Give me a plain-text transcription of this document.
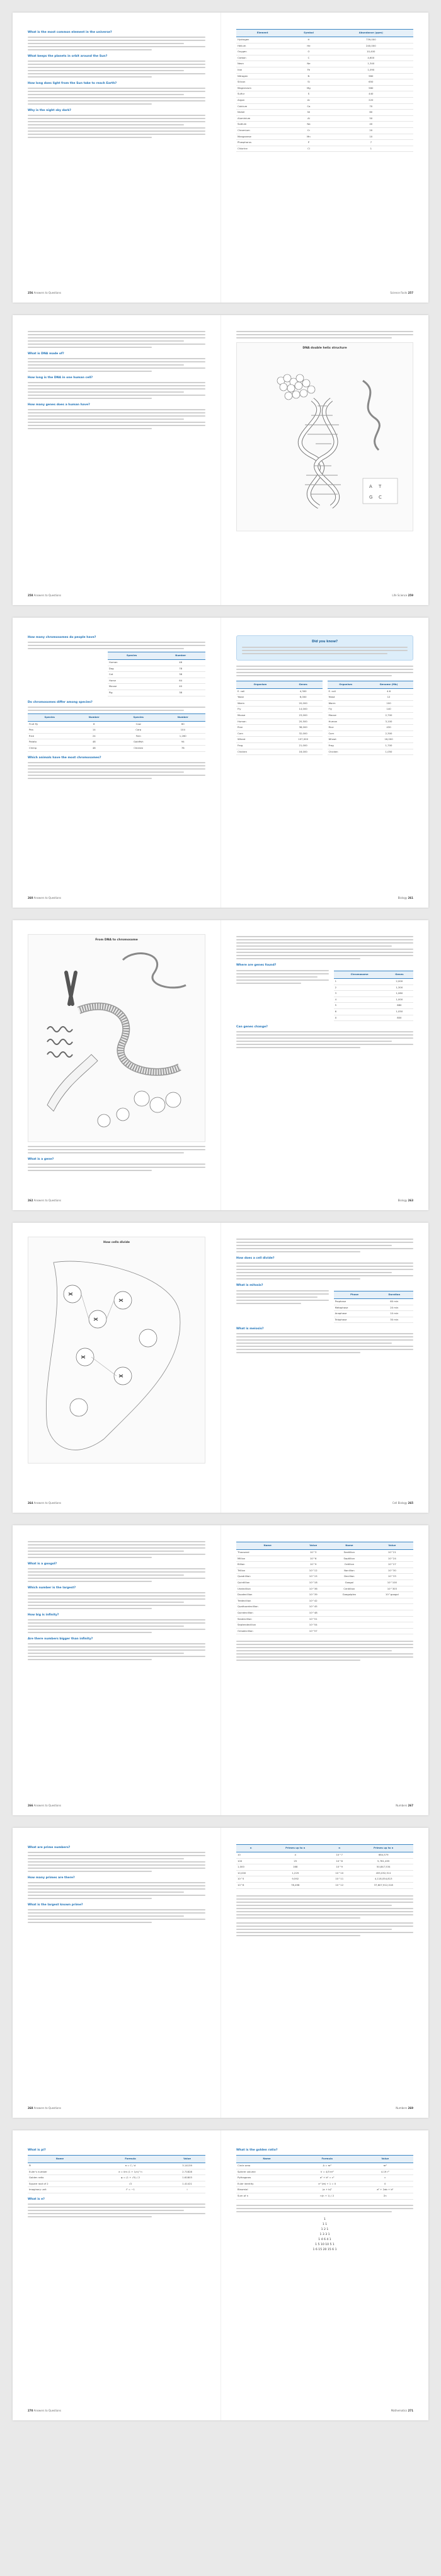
What is the most common element in the universe?
What keeps the planets in orbit around the Sun?
How long does light from the Sun take to reach Earth?
Why is the night sky dark?
256 Answers to Questions
Element	Symbol	Abundance (ppm)
Hydrogen	H	739,000
Helium	He	240,000
Oxygen	O	10,400
Carbon	C	4,600
Neon	Ne	1,340
Iron	Fe	1,090
Nitrogen	N	960
Silicon	Si	650
Magnesium	Mg	580
Sulfur	S	440
Argon	Ar	220
Calcium	Ca	70
Nickel	Ni	60
Aluminium	Al	50
Sodium	Na	40
Chromium	Cr	20
Manganese	Mn	10
Phosphorus	P	7
Chlorine	Cl	1
Science Facts 257
What is DNA made of?
How long is the DNA in one human cell?
How many genes does a human have?
258 Answers to Questions
DNA double helix structure
A T
G C
Life Science 259
How many chromosomes do people have?
Species	Number
Human	46
Dog	78
Cat	38
Horse	64
Mouse	40
Pig	38
Do chromosomes differ among species?
Species	Number	Species	Number
Fruit fly	8	Cow	60
Pea	14	Carp	104
Rice	24	Fern	1,260
Potato	48	Goldfish	94
Chimp	48	Chicken	78
Which animals have the most chromosomes?
260 Answers to Questions
Did you know?
Organism	Genes
E. coli	4,300
Yeast	6,000
Worm	20,000
Fly	14,000
Mouse	23,000
Human	20,500
Rice	38,000
Corn	32,000
Wheat	107,000
Frog	21,000
Chicken	16,000
Organism	Genome (Mb)
E. coli	4.6
Yeast	12
Worm	100
Fly	140
Mouse	2,700
Human	3,100
Rice	430
Corn	2,300
Wheat	16,000
Frog	1,700
Chicken	1,050
Biology 261
From DNA to chromosome
What is a gene?
262 Answers to Questions
Where are genes found?
Chromosome	Genes
1	2,000
2	1,300
3	1,080
4	1,000
5	880
6	1,050
X	800
Can genes change?
Biology 263
How cells divide
264 Answers to Questions
How does a cell divide?
What is mitosis?
Phase	Duration
Prophase	60 min
Metaphase	20 min
Anaphase	10 min
Telophase	30 min
What is meiosis?
Cell Biology 265
What is a googol?
Which number is the largest?
How big is infinity?
Are there numbers bigger than infinity?
266 Answers to Questions
Name	Value	Name	Value
Thousand	10^3	Sextillion	10^21
Million	10^6	Septillion	10^24
Billion	10^9	Octillion	10^27
Trillion	10^12	Nonillion	10^30
Quadrillion	10^15	Decillion	10^33
Quintillion	10^18	Googol	10^100
Undecillion	10^36	Centillion	10^303
Duodecillion	10^39	Googolplex	10^googol
Tredecillion	10^42		
Quattuordecillion	10^45		
Quindecillion	10^48		
Sexdecillion	10^51		
Septendecillion	10^54		
Octodecillion	10^57		
Numbers 267
What are prime numbers?
How many primes are there?
What is the largest known prime?
268 Answers to Questions
n	Primes up to n	n	Primes up to n
10	4	10^7	664,579
100	25	10^8	5,761,455
1,000	168	10^9	50,847,534
10,000	1,229	10^10	455,052,511
10^5	9,592	10^11	4,118,054,813
10^6	78,498	10^12	37,607,912,018
Numbers 269
What is pi?
Name	Formula	Value
Pi	π = C / d	3.14159
Euler's number	e = lim (1 + 1/n)^n	2.71828
Golden ratio	φ = (1 + √5) / 2	1.61803
Square root of 2	√2	1.41421
Imaginary unit	i² = −1	i
What is e?
270 Answers to Questions
What is the golden ratio?
Name	Formula	Value
Circle area	A = πr²	πr²
Sphere volume	V = 4/3 πr³	4.19 r³
Pythagoras	a² + b² = c²	c
Euler identity	e^(iπ) + 1 = 0	0
Binomial	(a + b)²	a² + 2ab + b²
Sum of n	n(n + 1) / 2	Σn
1
1 1
1 2 1
1 3 3 1
1 4 6 4 1
1 5 10 10 5 1
1 6 15 20 15 6 1
Mathematics 271
